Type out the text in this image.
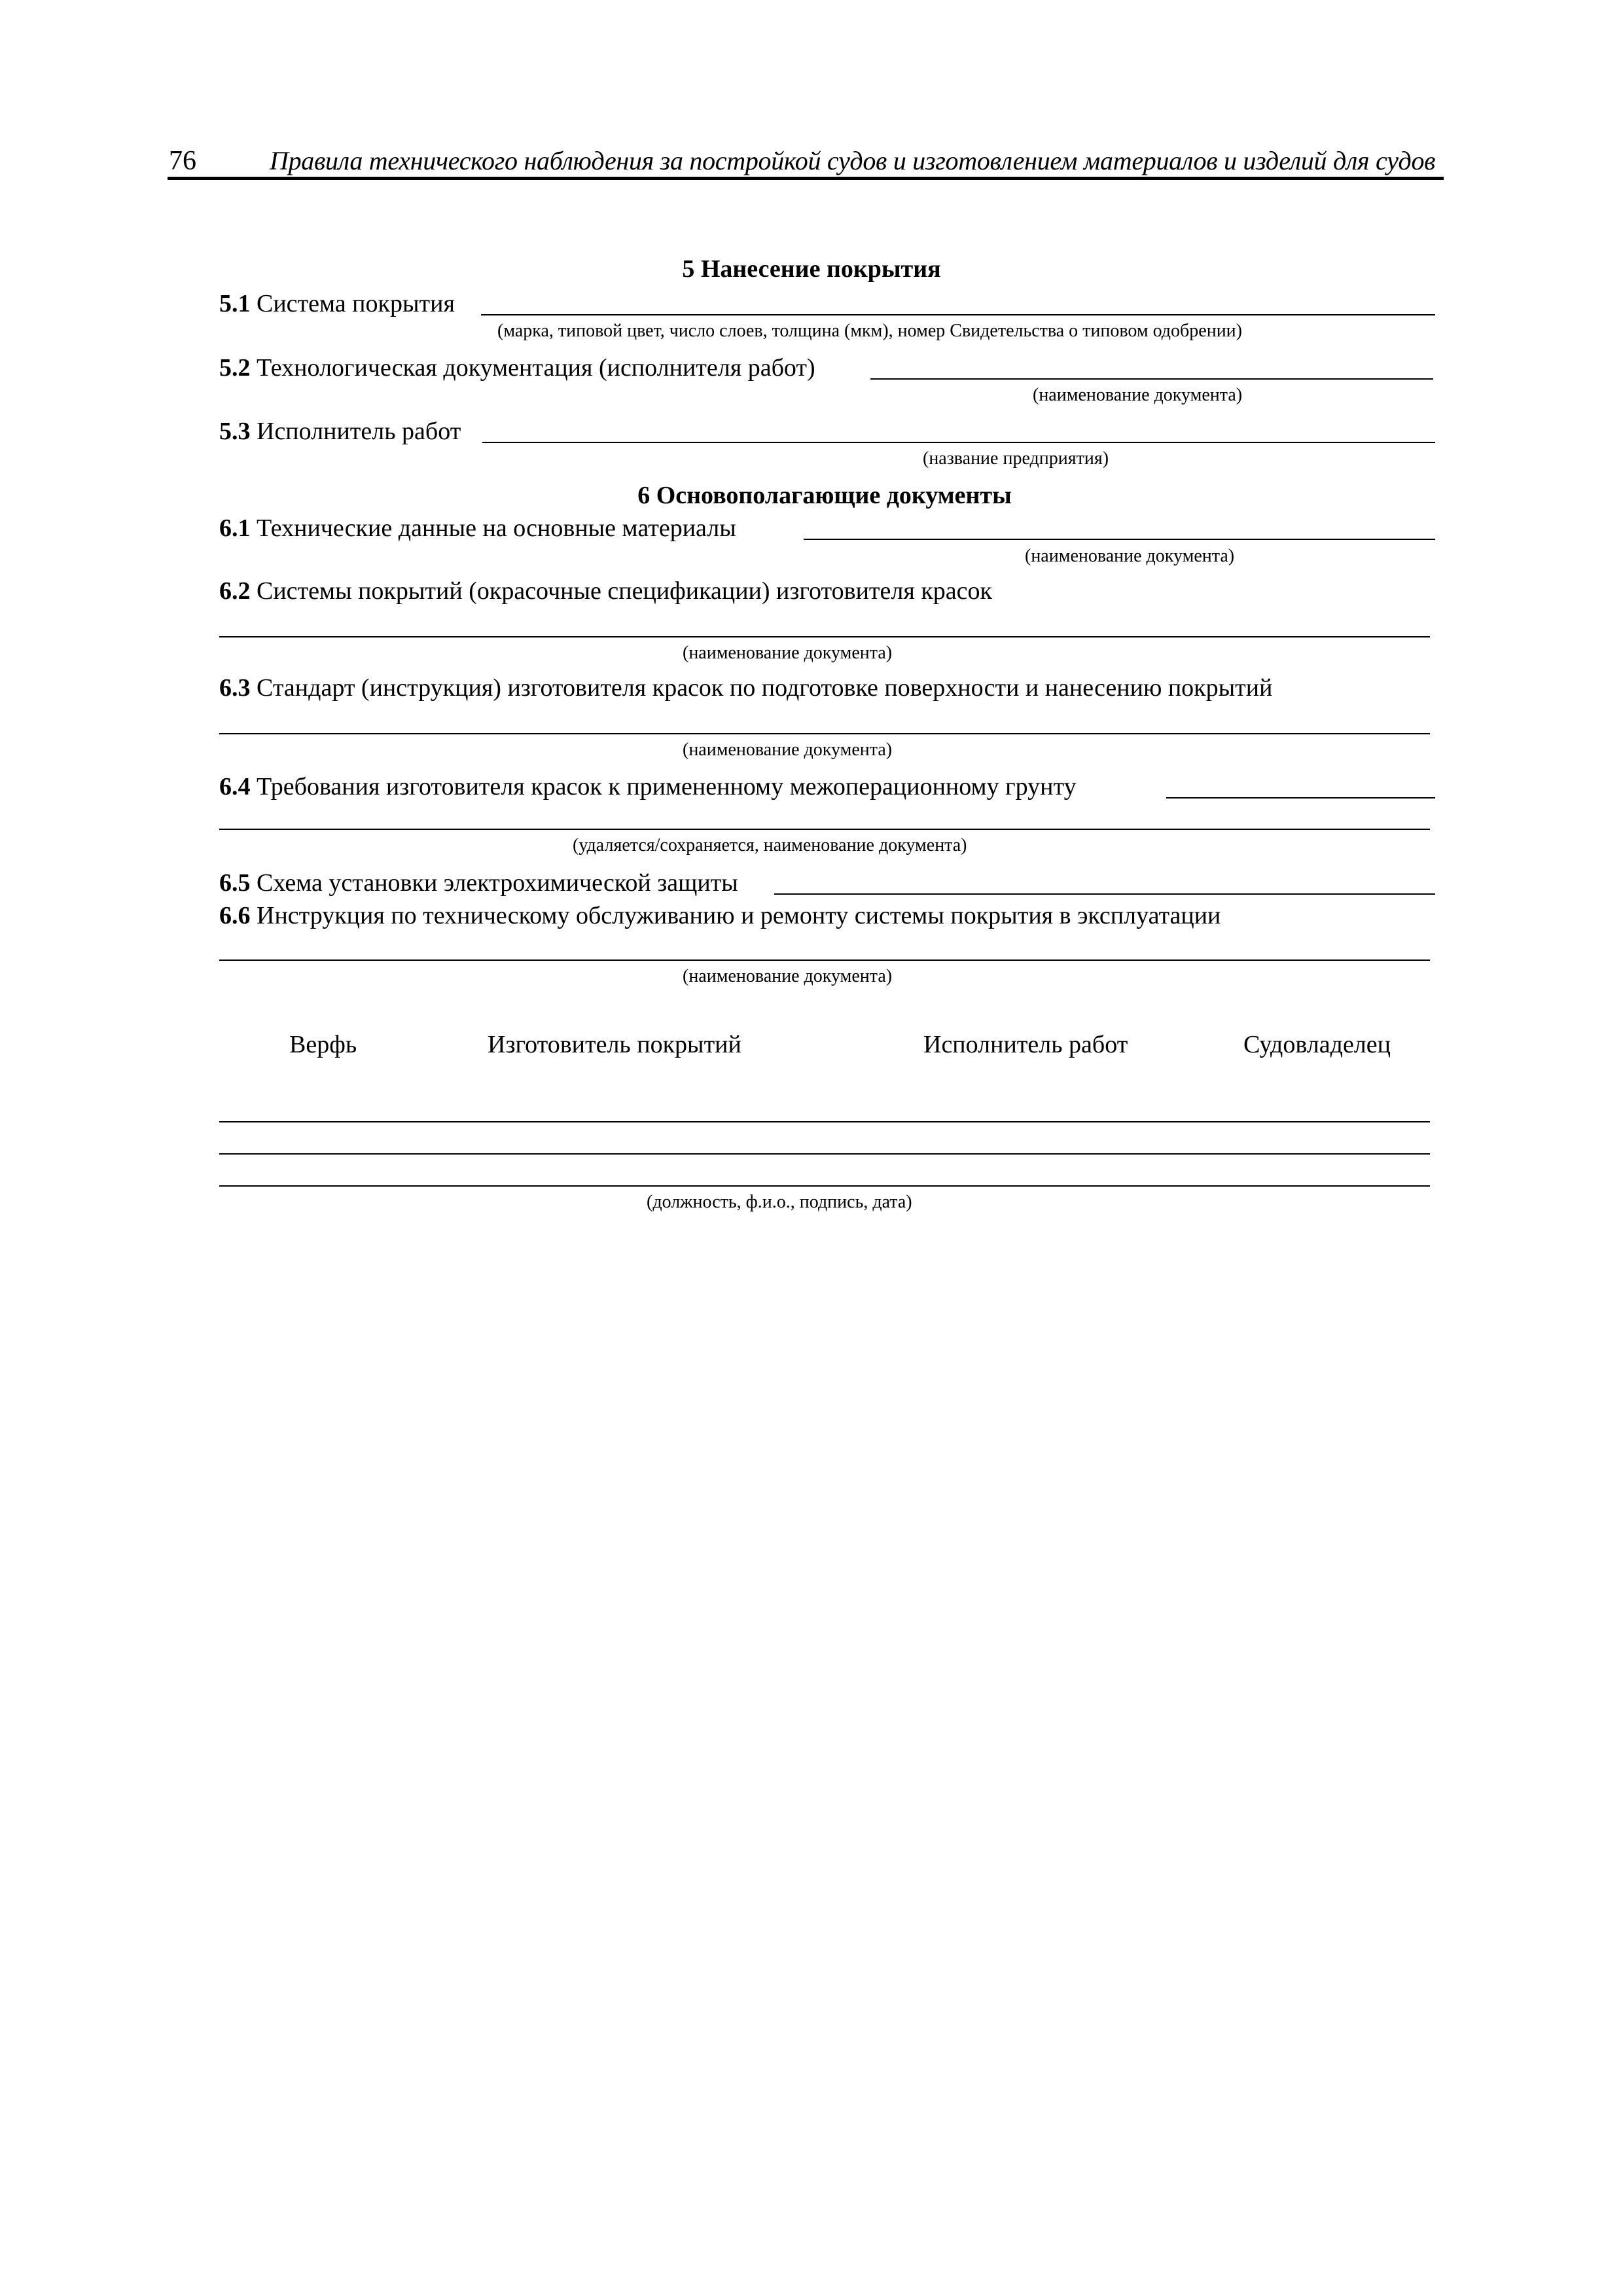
76	Правила технического наблюдения за постройкой судов и изготовлением материалов и изделий для судов
5 Нанесение покрытия
5.1 Система покрытия
(марка, типовой цвет, число слоев, толщина (мкм), номер Свидетельства о типовом одобрении)
5.2 Технологическая документация (исполнителя работ)
(наименование документа)
5.3 Исполнитель работ
(название предприятия)
6 Основополагающие документы
6.1 Технические данные на основные материалы
(наименование документа)
6.2 Системы покрытий (окрасочные спецификации) изготовителя красок
(наименование документа)
6.3 Стандарт (инструкция) изготовителя красок по подготовке поверхности и нанесению покрытий
(наименование документа)
6.4 Требования изготовителя красок к примененному межоперационному грунту
(удаляется/сохраняется, наименование документа)
6.5 Схема установки электрохимической защиты
6.6 Инструкция по техническому обслуживанию и ремонту системы покрытия в эксплуатации
(наименование документа)
Верфь	Изготовитель покрытий	Исполнитель работ	Судовладелец
(должность, ф.и.о., подпись, дата)
